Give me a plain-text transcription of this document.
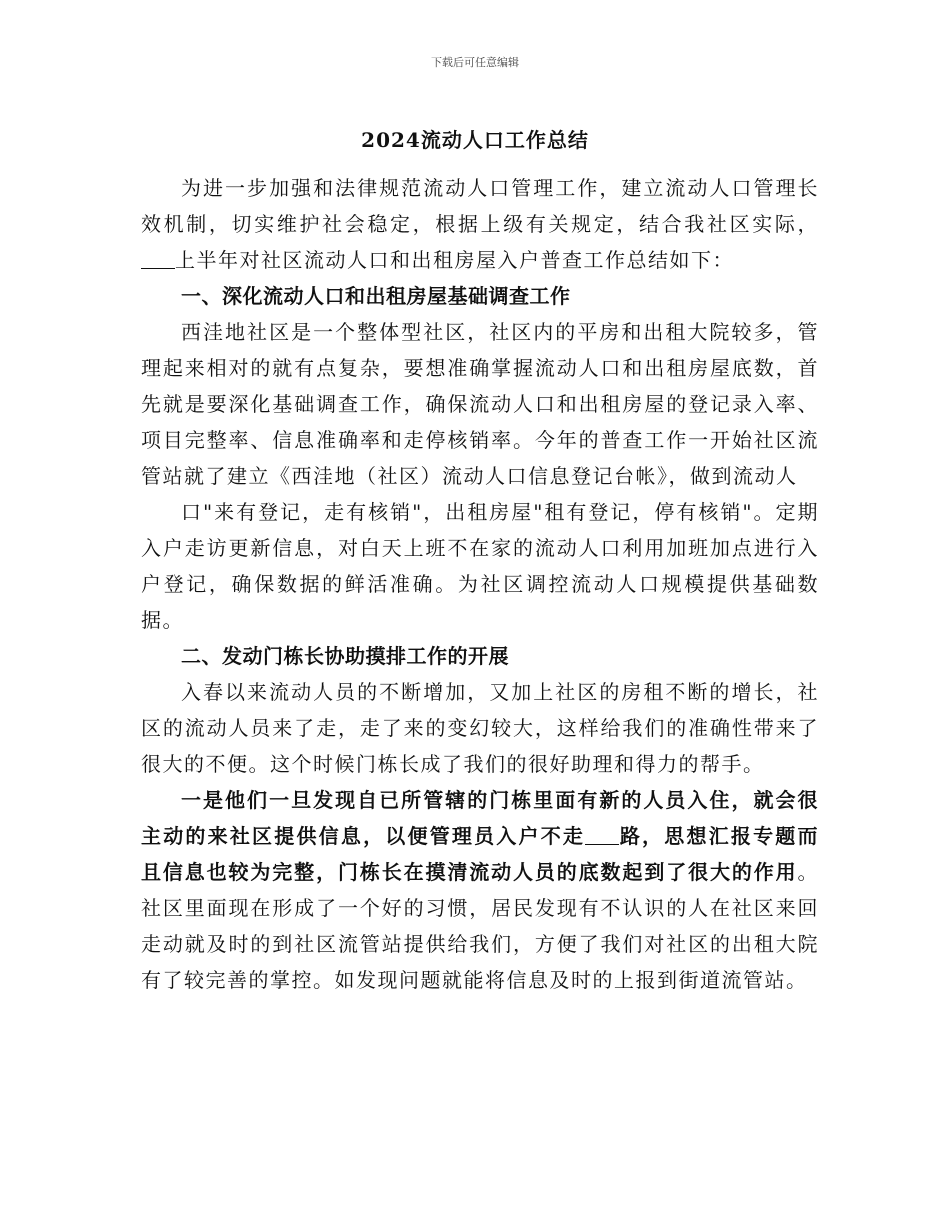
下载后可任意编辑
2024流动人口工作总结

为进一步加强和法律规范流动人口管理工作，建立流动人口管理长效机制，切实维护社会稳定，根据上级有关规定，结合我社区实际，上半年对社区流动人口和出租房屋入户普查工作总结如下：

一、深化流动人口和出租房屋基础调查工作

西洼地社区是一个整体型社区，社区内的平房和出租大院较多，管理起来相对的就有点复杂，要想准确掌握流动人口和出租房屋底数，首先就是要深化基础调查工作，确保流动人口和出租房屋的登记录入率、项目完整率、信息准确率和走停核销率。今年的普查工作一开始社区流管站就了建立《西洼地（社区）流动人口信息登记台帐》，做到流动人

口"来有登记，走有核销"，出租房屋"租有登记，停有核销"。定期入户走访更新信息，对白天上班不在家的流动人口利用加班加点进行入户登记，确保数据的鲜活准确。为社区调控流动人口规模提供基础数据。

二、发动门栋长协助摸排工作的开展

入春以来流动人员的不断增加，又加上社区的房租不断的增长，社区的流动人员来了走，走了来的变幻较大，这样给我们的准确性带来了很大的不便。这个时候门栋长成了我们的很好助理和得力的帮手。

一是他们一旦发现自已所管辖的门栋里面有新的人员入住，就会很主动的来社区提供信息，以便管理员入户不走 路，思想汇报专题而且信息也较为完整，门栋长在摸清流动人员的底数起到了很大的作用。社区里面现在形成了一个好的习惯，居民发现有不认识的人在社区来回走动就及时的到社区流管站提供给我们，方便了我们对社区的出租大院有了较完善的掌控。如发现问题就能将信息及时的上报到街道流管站。
